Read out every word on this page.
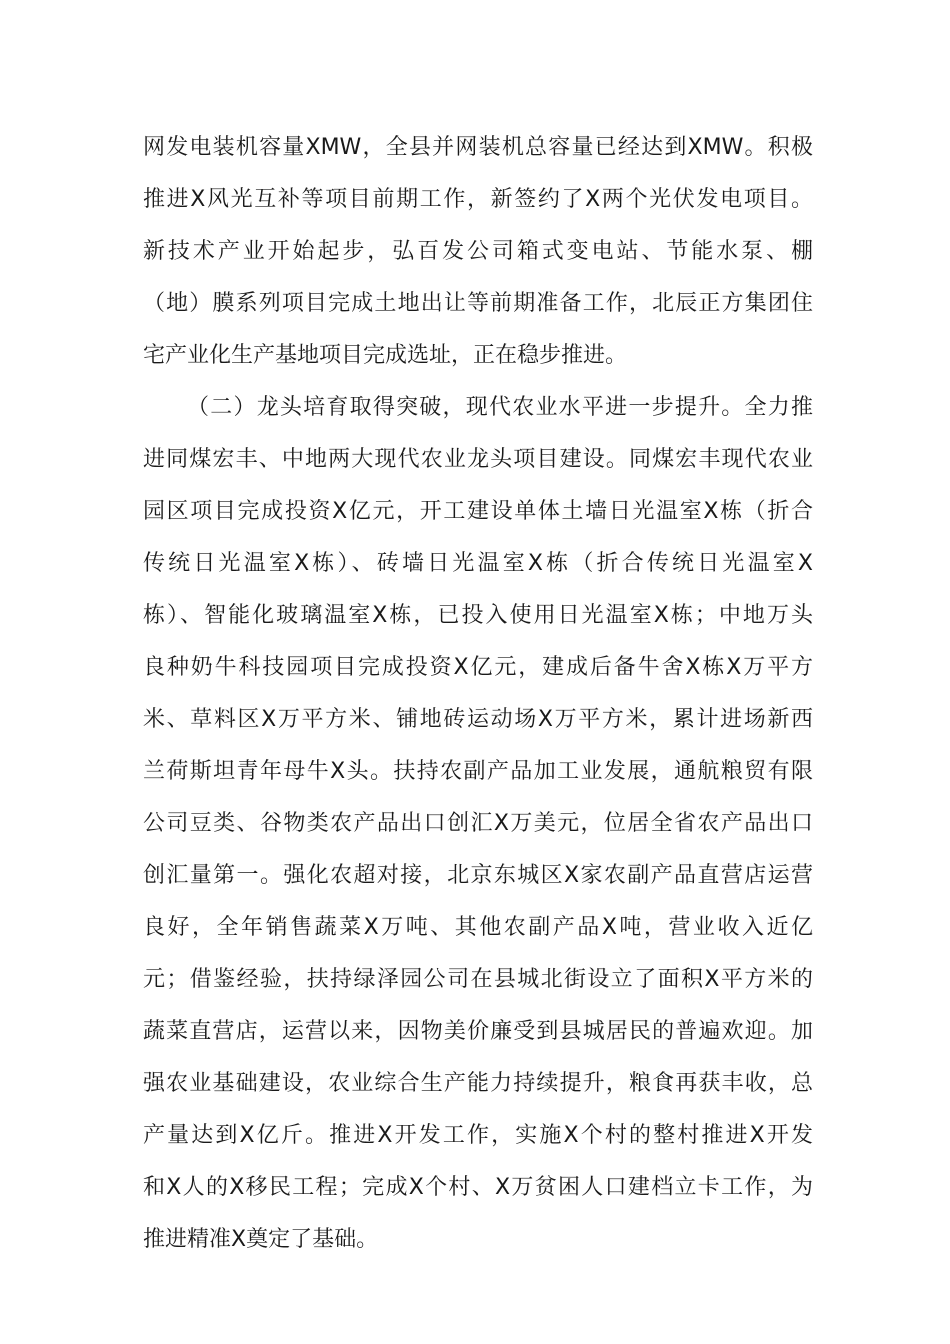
网发电装机容量XMW，全县并网装机总容量已经达到XMW。积极
推进X风光互补等项目前期工作，新签约了X两个光伏发电项目。
新技术产业开始起步，弘百发公司箱式变电站、节能水泵、棚
（地）膜系列项目完成土地出让等前期准备工作，北辰正方集团住
宅产业化生产基地项目完成选址，正在稳步推进。
（二）龙头培育取得突破，现代农业水平进一步提升。全力推
进同煤宏丰、中地两大现代农业龙头项目建设。同煤宏丰现代农业
园区项目完成投资X亿元，开工建设单体土墙日光温室X栋（折合
传统日光温室X栋）、砖墙日光温室X栋（折合传统日光温室X
栋）、智能化玻璃温室X栋，已投入使用日光温室X栋；中地万头
良种奶牛科技园项目完成投资X亿元，建成后备牛舍X栋X万平方
米、草料区X万平方米、铺地砖运动场X万平方米，累计进场新西
兰荷斯坦青年母牛X头。扶持农副产品加工业发展，通航粮贸有限
公司豆类、谷物类农产品出口创汇X万美元，位居全省农产品出口
创汇量第一。强化农超对接，北京东城区X家农副产品直营店运营
良好，全年销售蔬菜X万吨、其他农副产品X吨，营业收入近亿
元；借鉴经验，扶持绿泽园公司在县城北街设立了面积X平方米的
蔬菜直营店，运营以来，因物美价廉受到县城居民的普遍欢迎。加
强农业基础建设，农业综合生产能力持续提升，粮食再获丰收，总
产量达到X亿斤。推进X开发工作，实施X个村的整村推进X开发
和X人的X移民工程；完成X个村、X万贫困人口建档立卡工作，为
推进精准X奠定了基础。
